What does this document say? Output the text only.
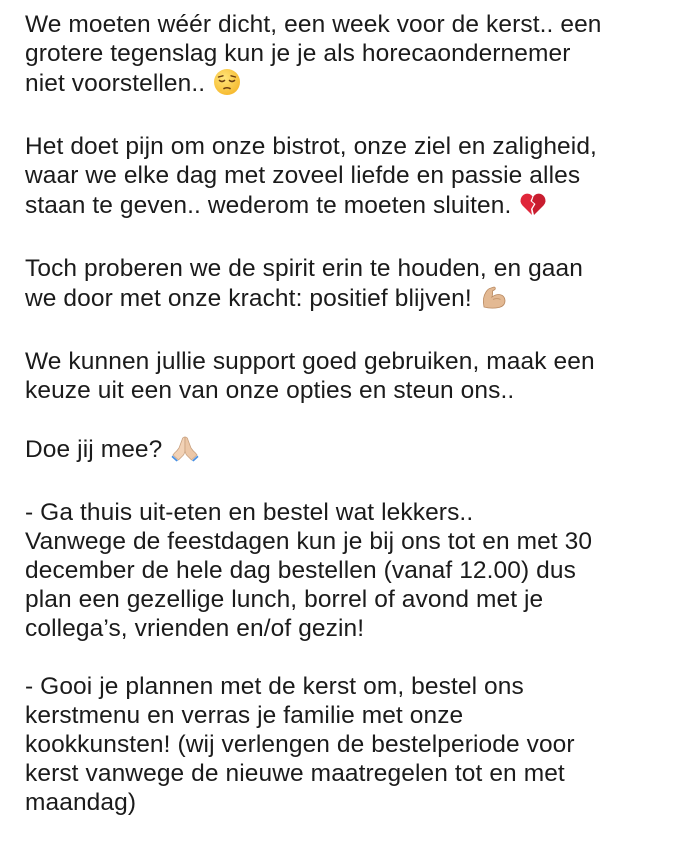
We moeten wéér dicht, een week voor de kerst.. een
grotere tegenslag kun je je als horecaondernemer
niet voorstellen..
Het doet pijn om onze bistrot, onze ziel en zaligheid,
waar we elke dag met zoveel liefde en passie alles
staan te geven.. wederom te moeten sluiten.
Toch proberen we de spirit erin te houden, en gaan
we door met onze kracht: positief blijven!
We kunnen jullie support goed gebruiken, maak een
keuze uit een van onze opties en steun ons..
Doe jij mee?
- Ga thuis uit-eten en bestel wat lekkers..
Vanwege de feestdagen kun je bij ons tot en met 30
december de hele dag bestellen (vanaf 12.00) dus
plan een gezellige lunch, borrel of avond met je
collega’s, vrienden en/of gezin!
- Gooi je plannen met de kerst om, bestel ons
kerstmenu en verras je familie met onze
kookkunsten! (wij verlengen de bestelperiode voor
kerst vanwege de nieuwe maatregelen tot en met
maandag)
